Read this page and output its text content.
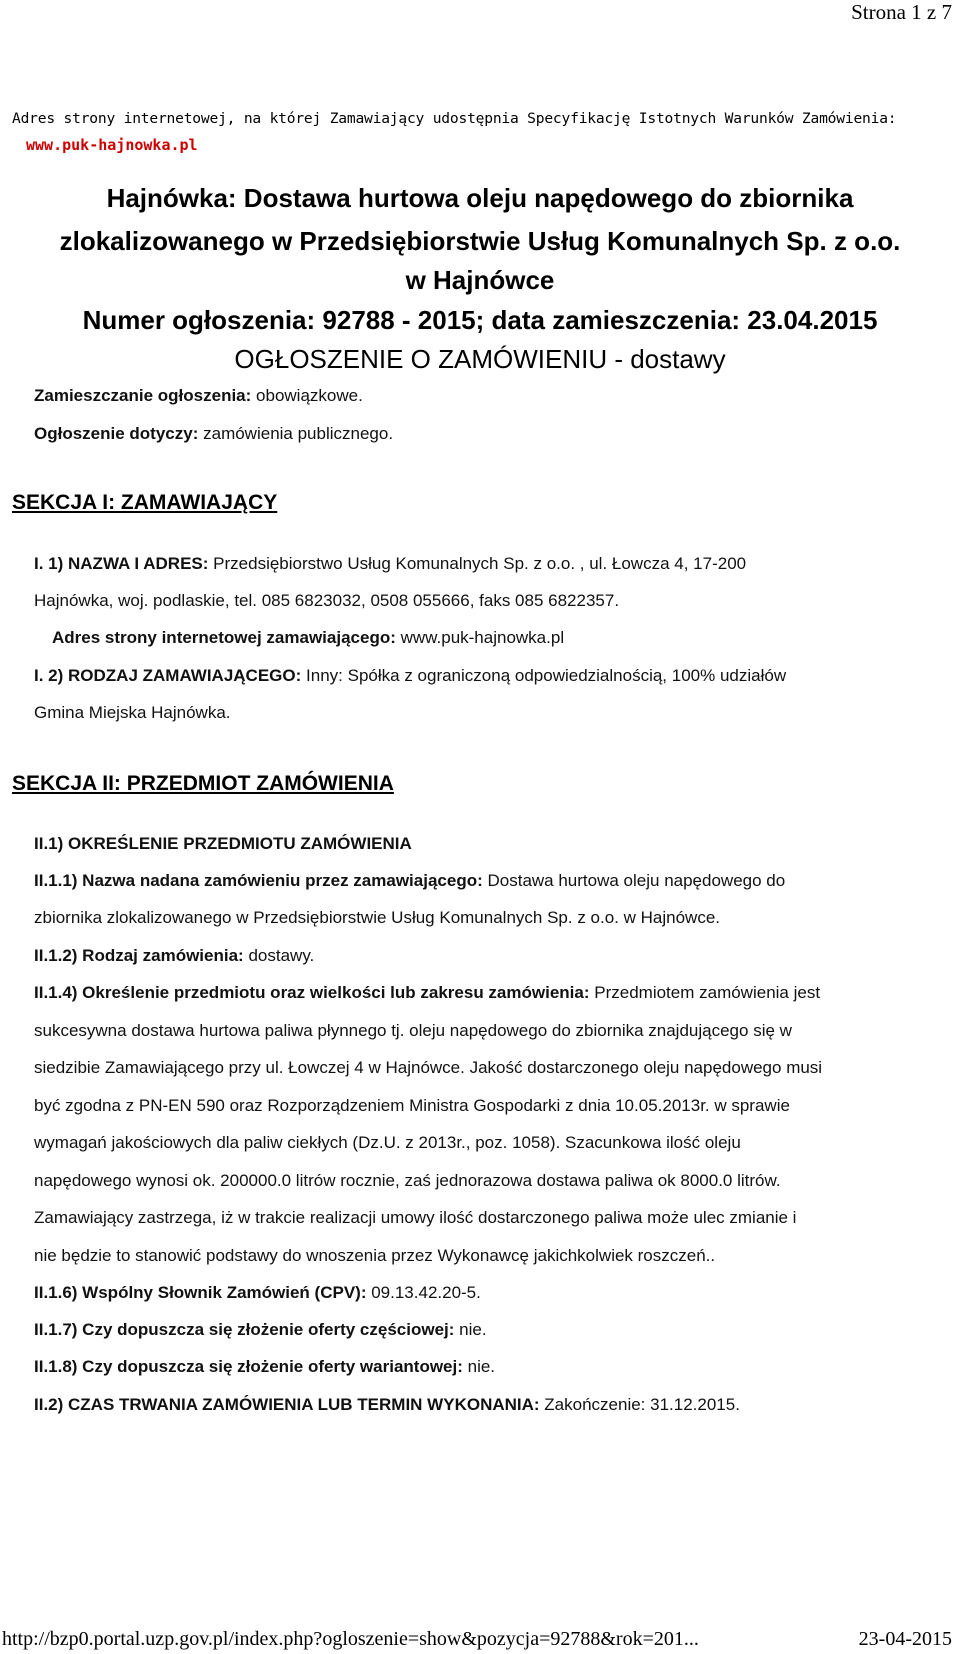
Strona 1 z 7
Adres strony internetowej, na której Zamawiający udostępnia Specyfikację Istotnych Warunków Zamówienia:
www.puk-hajnowka.pl
Hajnówka: Dostawa hurtowa oleju napędowego do zbiornika
zlokalizowanego w Przedsiębiorstwie Usług Komunalnych Sp. z o.o.
w Hajnówce
Numer ogłoszenia: 92788 - 2015; data zamieszczenia: 23.04.2015
OGŁOSZENIE O ZAMÓWIENIU - dostawy
Zamieszczanie ogłoszenia: obowiązkowe.
Ogłoszenie dotyczy: zamówienia publicznego.
SEKCJA I: ZAMAWIAJĄCY
I. 1) NAZWA I ADRES: Przedsiębiorstwo Usług Komunalnych Sp. z o.o. , ul. Łowcza 4, 17-200
Hajnówka, woj. podlaskie, tel. 085 6823032, 0508 055666, faks 085 6822357.
Adres strony internetowej zamawiającego: www.puk-hajnowka.pl
I. 2) RODZAJ ZAMAWIAJĄCEGO: Inny: Spółka z ograniczoną odpowiedzialnością, 100% udziałów
Gmina Miejska Hajnówka.
SEKCJA II: PRZEDMIOT ZAMÓWIENIA
II.1) OKREŚLENIE PRZEDMIOTU ZAMÓWIENIA
II.1.1) Nazwa nadana zamówieniu przez zamawiającego: Dostawa hurtowa oleju napędowego do
zbiornika zlokalizowanego w Przedsiębiorstwie Usług Komunalnych Sp. z o.o. w Hajnówce.
II.1.2) Rodzaj zamówienia: dostawy.
II.1.4) Określenie przedmiotu oraz wielkości lub zakresu zamówienia: Przedmiotem zamówienia jest
sukcesywna dostawa hurtowa paliwa płynnego tj. oleju napędowego do zbiornika znajdującego się w
siedzibie Zamawiającego przy ul. Łowczej 4 w Hajnówce. Jakość dostarczonego oleju napędowego musi
być zgodna z PN-EN 590 oraz Rozporządzeniem Ministra Gospodarki z dnia 10.05.2013r. w sprawie
wymagań jakościowych dla paliw ciekłych (Dz.U. z 2013r., poz. 1058). Szacunkowa ilość oleju
napędowego wynosi ok. 200000.0 litrów rocznie, zaś jednorazowa dostawa paliwa ok 8000.0 litrów.
Zamawiający zastrzega, iż w trakcie realizacji umowy ilość dostarczonego paliwa może ulec zmianie i
nie będzie to stanowić podstawy do wnoszenia przez Wykonawcę jakichkolwiek roszczeń..
II.1.6) Wspólny Słownik Zamówień (CPV): 09.13.42.20-5.
II.1.7) Czy dopuszcza się złożenie oferty częściowej: nie.
II.1.8) Czy dopuszcza się złożenie oferty wariantowej: nie.
II.2) CZAS TRWANIA ZAMÓWIENIA LUB TERMIN WYKONANIA: Zakończenie: 31.12.2015.
http://bzp0.portal.uzp.gov.pl/index.php?ogloszenie=show&pozycja=92788&rok=201...	23-04-2015
